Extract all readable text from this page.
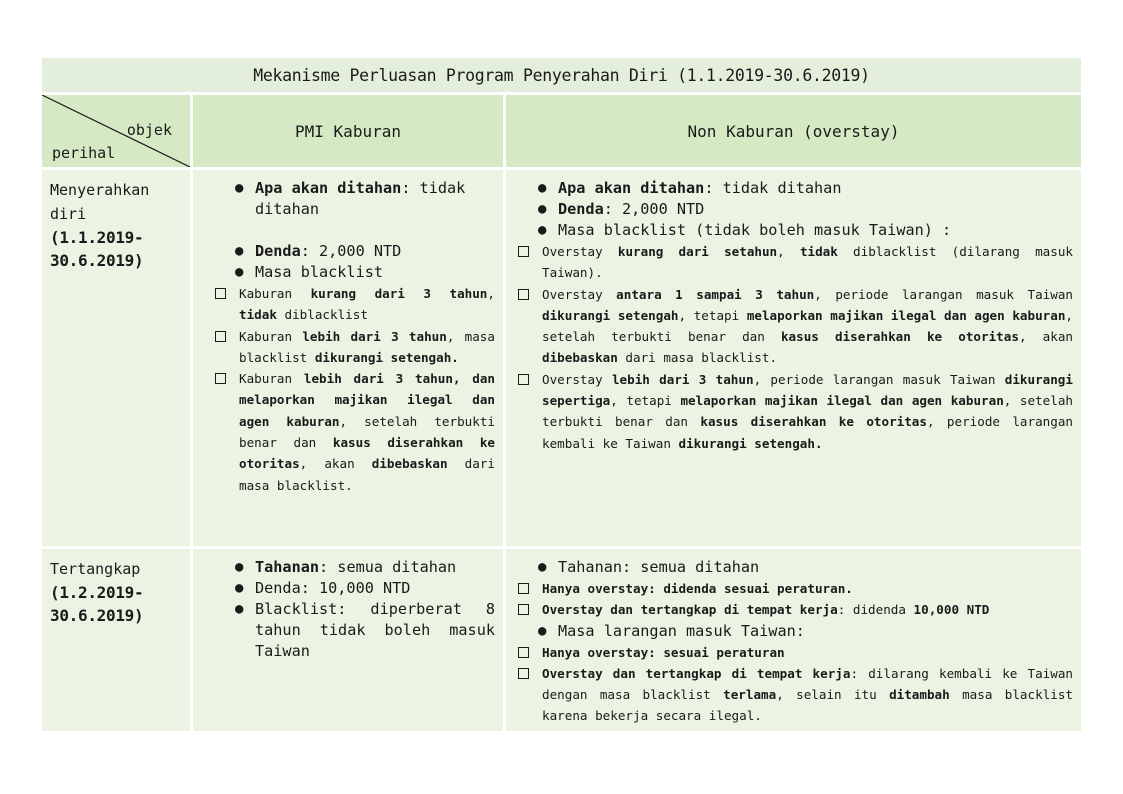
Mekanisme Perluasan Program Penyerahan Diri (1.1.2019-30.6.2019)
objek
perihal
PMI Kaburan	Non Kaburan (overstay)
Menyerahkan diri
(1.1.2019-30.6.2019)
● Apa akan ditahan: tidak ditahan
● Denda: 2,000 NTD
● Masa blacklist
Kaburan kurang dari 3 tahun, tidak diblacklist
Kaburan lebih dari 3 tahun, masa blacklist dikurangi setengah.
Kaburan lebih dari 3 tahun, dan melaporkan majikan ilegal dan agen kaburan, setelah terbukti benar dan kasus diserahkan ke otoritas, akan dibebaskan dari masa blacklist.
● Apa akan ditahan: tidak ditahan
● Denda: 2,000 NTD
● Masa blacklist (tidak boleh masuk Taiwan) :
Overstay kurang dari setahun, tidak diblacklist (dilarang masuk Taiwan).
Overstay antara 1 sampai 3 tahun, periode larangan masuk Taiwan dikurangi setengah, tetapi melaporkan majikan ilegal dan agen kaburan, setelah terbukti benar dan kasus diserahkan ke otoritas, akan dibebaskan dari masa blacklist.
Overstay lebih dari 3 tahun, periode larangan masuk Taiwan dikurangi sepertiga, tetapi melaporkan majikan ilegal dan agen kaburan, setelah terbukti benar dan kasus diserahkan ke otoritas, periode larangan kembali ke Taiwan dikurangi setengah.
Tertangkap
(1.2.2019-30.6.2019)
● Tahanan: semua ditahan
● Denda: 10,000 NTD
● Blacklist: diperberat 8 tahun tidak boleh masuk Taiwan
● Tahanan: semua ditahan
Hanya overstay: didenda sesuai peraturan.
Overstay dan tertangkap di tempat kerja: didenda 10,000 NTD
● Masa larangan masuk Taiwan:
Hanya overstay: sesuai peraturan
Overstay dan tertangkap di tempat kerja: dilarang kembali ke Taiwan dengan masa blacklist terlama, selain itu ditambah masa blacklist karena bekerja secara ilegal.
